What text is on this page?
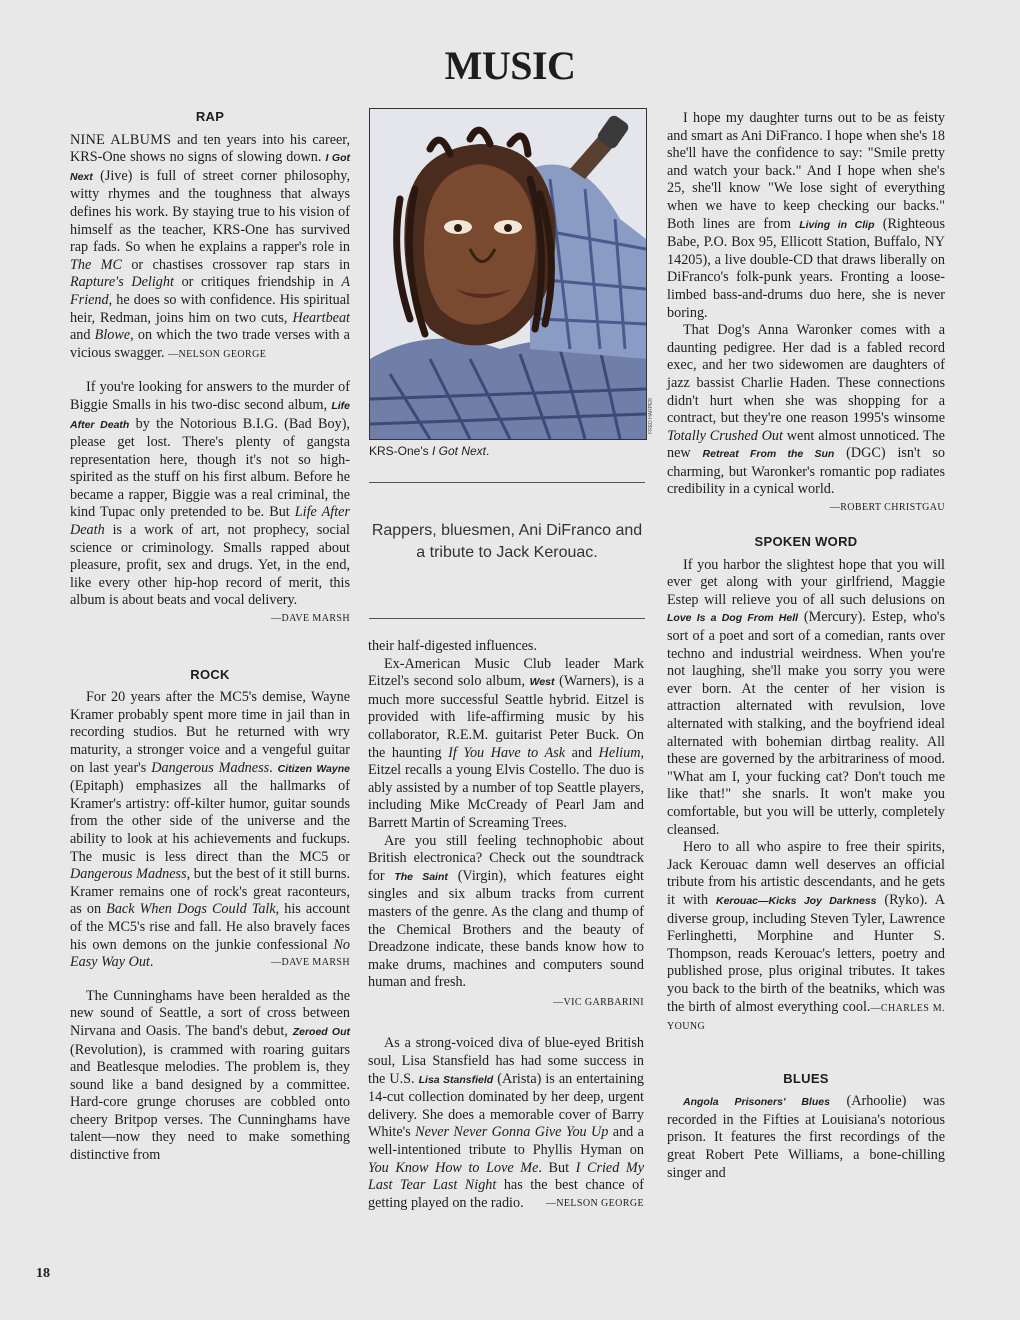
MUSIC
RAP

NINE ALBUMS and ten years into his career, KRS-One shows no signs of slowing down. I Got Next (Jive) is full of street corner philosophy, witty rhymes and the toughness that always defines his work. By staying true to his vision of himself as the teacher, KRS-One has survived rap fads. So when he explains a rapper's role in The MC or chastises crossover rap stars in Rapture's Delight or critiques friendship in A Friend, he does so with confidence. His spiritual heir, Redman, joins him on two cuts, Heartbeat and Blowe, on which the two trade verses with a vicious swagger. —NELSON GEORGE

If you're looking for answers to the murder of Biggie Smalls in his two-disc second album, Life After Death by the Notorious B.I.G. (Bad Boy), please get lost. There's plenty of gangsta representation here, though it's not so high-spirited as the stuff on his first album. Before he became a rapper, Biggie was a real criminal, the kind Tupac only pretended to be. But Life After Death is a work of art, not prophecy, social science or criminology. Smalls rapped about pleasure, profit, sex and drugs. Yet, in the end, like every other hip-hop record of merit, this album is about beats and vocal delivery.

—DAVE MARSH
ROCK

For 20 years after the MC5's demise, Wayne Kramer probably spent more time in jail than in recording studios. But he returned with wry maturity, a stronger voice and a vengeful guitar on last year's Dangerous Madness. Citizen Wayne (Epitaph) emphasizes all the hallmarks of Kramer's artistry: off-kilter humor, guitar sounds from the other side of the universe and the ability to look at his achievements and fuckups. The music is less direct than the MC5 or Dangerous Madness, but the best of it still burns. Kramer remains one of rock's great raconteurs, as on Back When Dogs Could Talk, his account of the MC5's rise and fall. He also bravely faces his own demons on the junkie confessional No Easy Way Out.	—DAVE MARSH

The Cunninghams have been heralded as the new sound of Seattle, a sort of cross between Nirvana and Oasis. The band's debut, Zeroed Out (Revolution), is crammed with roaring guitars and Beatlesque melodies. The problem is, they sound like a band designed by a committee. Hard-core grunge choruses are cobbled onto cheery Britpop verses. The Cunninghams have talent—now they need to make something distinctive from

FRED HARPER
KRS-One's I Got Next.
Rappers, bluesmen, Ani DiFranco and a tribute to Jack Kerouac.

their half-digested influences.

Ex-American Music Club leader Mark Eitzel's second solo album, West (Warners), is a much more successful Seattle hybrid. Eitzel is provided with life-affirming music by his collaborator, R.E.M. guitarist Peter Buck. On the haunting If You Have to Ask and Helium, Eitzel recalls a young Elvis Costello. The duo is ably assisted by a number of top Seattle players, including Mike McCready of Pearl Jam and Barrett Martin of Screaming Trees.

Are you still feeling technophobic about British electronica? Check out the soundtrack for The Saint (Virgin), which features eight singles and six album tracks from current masters of the genre. As the clang and thump of the Chemical Brothers and the beauty of Dreadzone indicate, these bands know how to make drums, machines and computers sound human and fresh.

—VIC GARBARINI

As a strong-voiced diva of blue-eyed British soul, Lisa Stansfield has had some success in the U.S. Lisa Stansfield (Arista) is an entertaining 14-cut collection dominated by her deep, urgent delivery. She does a memorable cover of Barry White's Never Never Gonna Give You Up and a well-intentioned tribute to Phyllis Hyman on You Know How to Love Me. But I Cried My Last Tear Last Night has the best chance of getting played on the radio.	—NELSON GEORGE

I hope my daughter turns out to be as feisty and smart as Ani DiFranco. I hope when she's 18 she'll have the confidence to say: "Smile pretty and watch your back." And I hope when she's 25, she'll know "We lose sight of everything when we have to keep checking our backs." Both lines are from Living in Clip (Righteous Babe, P.O. Box 95, Ellicott Station, Buffalo, NY 14205), a live double-CD that draws liberally on DiFranco's folk-punk years. Fronting a loose-limbed bass-and-drums duo here, she is never boring.

That Dog's Anna Waronker comes with a daunting pedigree. Her dad is a fabled record exec, and her two sidewomen are daughters of jazz bassist Charlie Haden. These connections didn't hurt when she was shopping for a contract, but they're one reason 1995's winsome Totally Crushed Out went almost unnoticed. The new Retreat From the Sun (DGC) isn't so charming, but Waronker's romantic pop radiates credibility in a cynical world.
—ROBERT CHRISTGAU

SPOKEN WORD

If you harbor the slightest hope that you will ever get along with your girlfriend, Maggie Estep will relieve you of all such delusions on Love Is a Dog From Hell (Mercury). Estep, who's sort of a poet and sort of a comedian, rants over techno and industrial weirdness. When you're not laughing, she'll make you sorry you were ever born. At the center of her vision is attraction alternated with revulsion, love alternated with stalking, and the boyfriend ideal alternated with bohemian dirtbag reality. All these are governed by the arbitrariness of mood. "What am I, your fucking cat? Don't touch me like that!" she snarls. It won't make you comfortable, but you will be utterly, completely cleansed.

Hero to all who aspire to free their spirits, Jack Kerouac damn well deserves an official tribute from his artistic descendants, and he gets it with Kerouac—Kicks Joy Darkness (Ryko). A diverse group, including Steven Tyler, Lawrence Ferlinghetti, Morphine and Hunter S. Thompson, reads Kerouac's letters, poetry and published prose, plus original tributes. It takes you back to the birth of the beatniks, which was the birth of almost everything cool.—CHARLES M. YOUNG

BLUES

Angola Prisoners' Blues (Arhoolie) was recorded in the Fifties at Louisiana's notorious prison. It features the first recordings of the great Robert Pete Williams, a bone-chilling singer and

18
